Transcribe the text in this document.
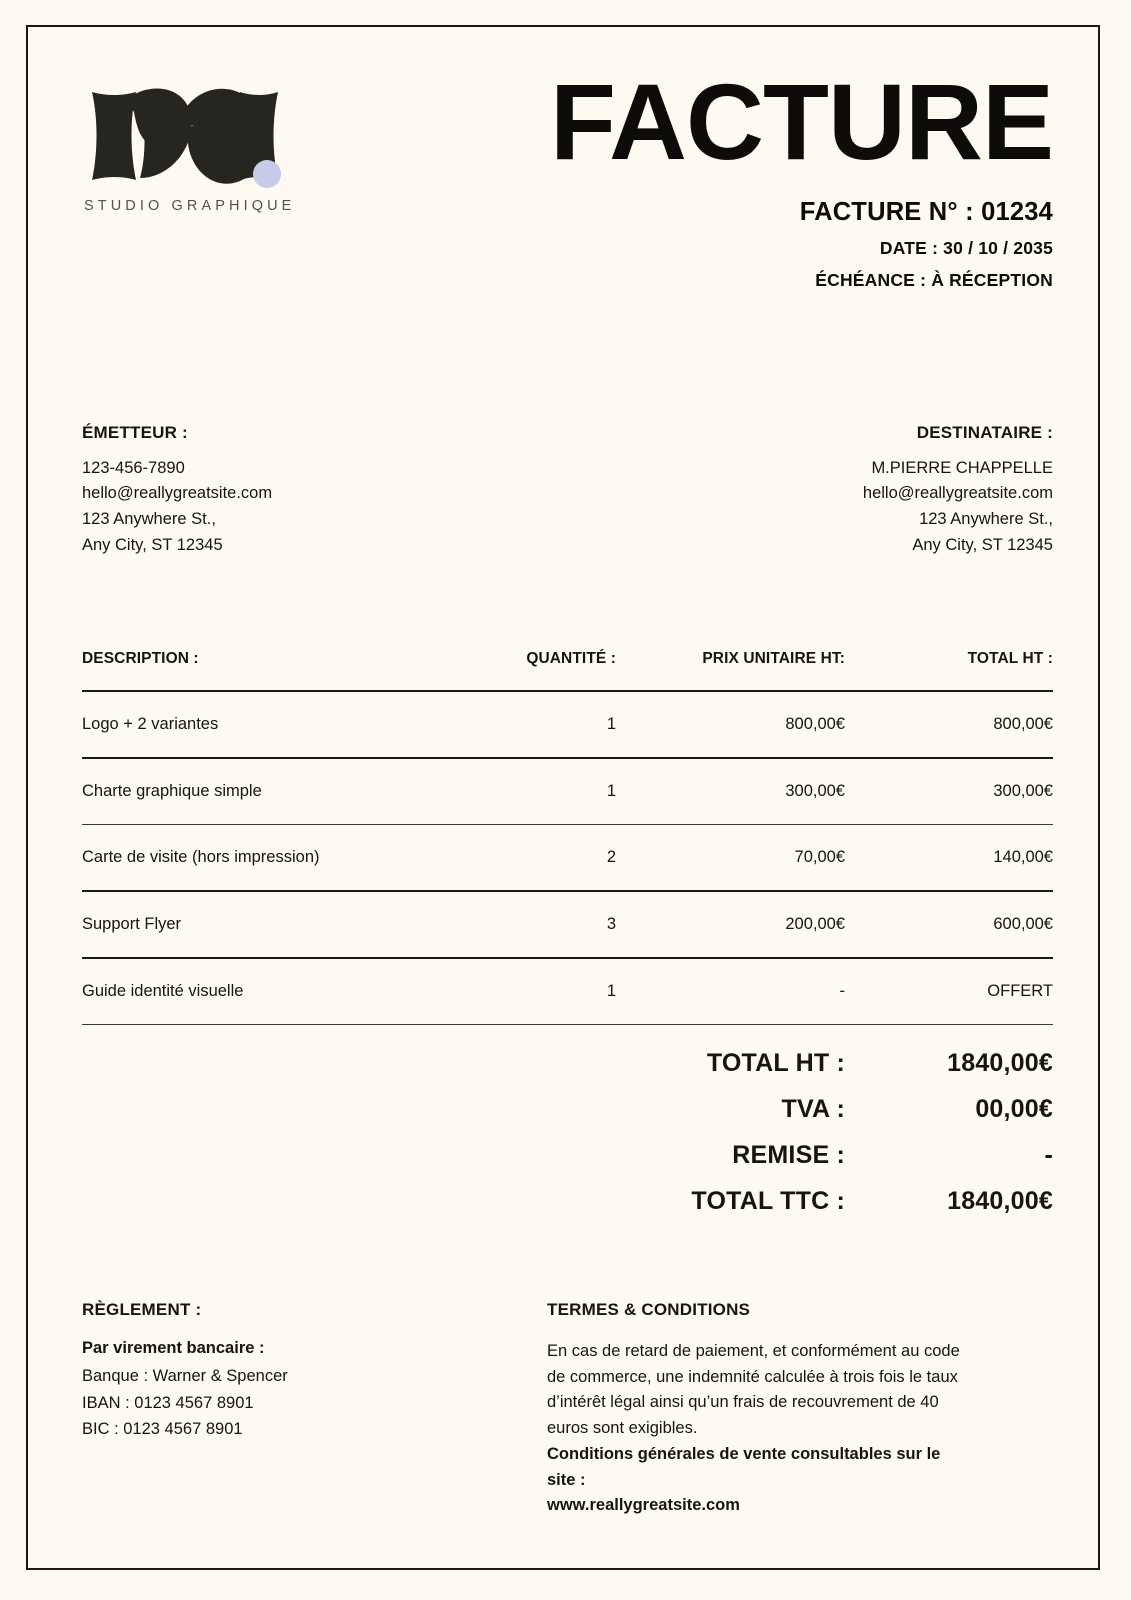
STUDIO GRAPHIQUE
FACTURE
FACTURE N° : 01234
DATE : 30 / 10 / 2035
ÉCHÉANCE : À RÉCEPTION
ÉMETTEUR :
123-456-7890
hello@reallygreatsite.com
123 Anywhere St.,
Any City, ST 12345
DESTINATAIRE :
M.PIERRE CHAPPELLE
hello@reallygreatsite.com
123 Anywhere St.,
Any City, ST 12345
DESCRIPTION :	QUANTITÉ :	PRIX UNITAIRE HT:	TOTAL HT :
Logo + 2 variantes	1	800,00€	800,00€
Charte graphique simple	1	300,00€	300,00€
Carte de visite (hors impression)	2	70,00€	140,00€
Support Flyer	3	200,00€	600,00€
Guide identité visuelle	1	-	OFFERT
TOTAL HT :	1840,00€
TVA :	00,00€
REMISE :	-
TOTAL TTC :	1840,00€
RÈGLEMENT :
Par virement bancaire :
Banque : Warner & Spencer
IBAN : 0123 4567 8901
BIC : 0123 4567 8901
TERMES & CONDITIONS

En cas de retard de paiement, et conformément au code de commerce, une indemnité calculée à trois fois le taux d’intérêt légal ainsi qu’un frais de recouvrement de 40 euros sont exigibles.

Conditions générales de vente consultables sur le site :

www.reallygreatsite.com
